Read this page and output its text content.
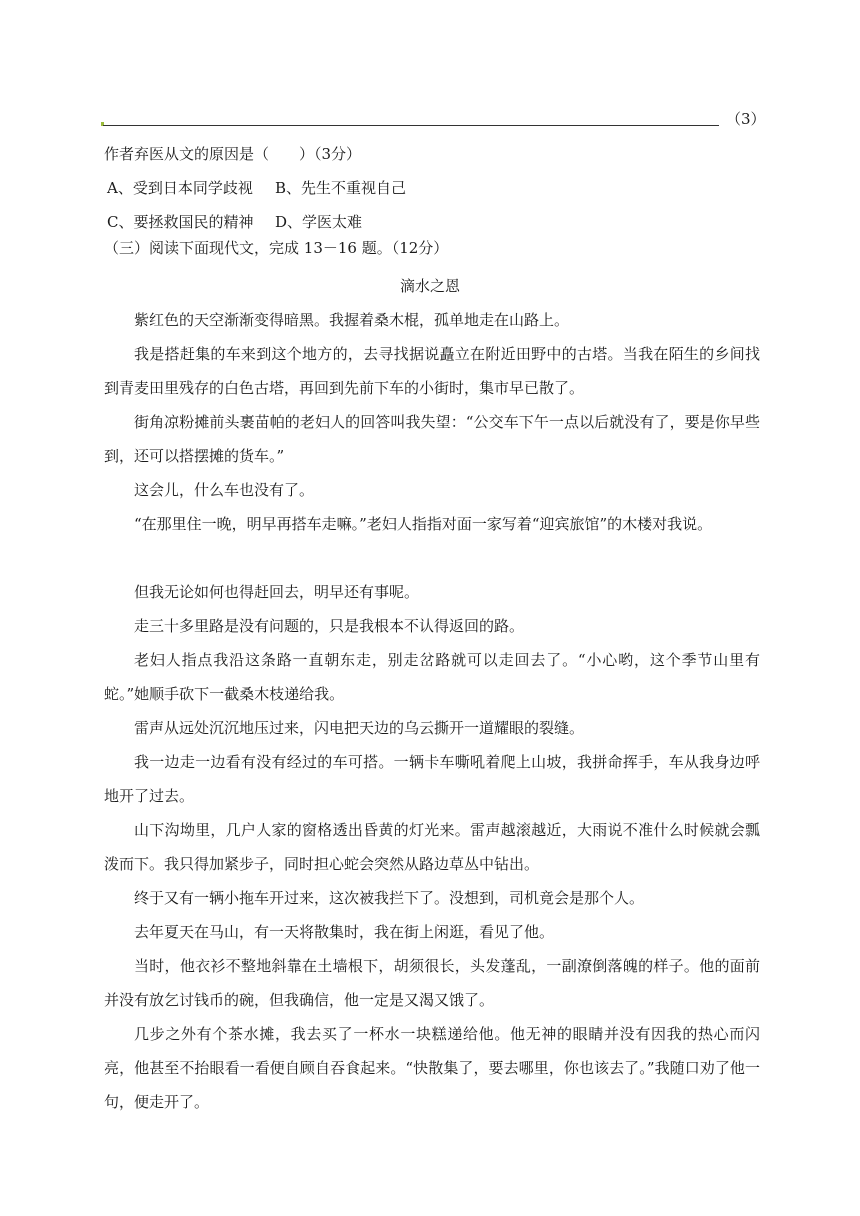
（3）
作者弃医从文的原因是（　　）（3分）
A、受到日本同学歧视 B、先生不重视自己
C、要拯救国民的精神 D、学医太难
（三）阅读下面现代文，完成 13－16 题。（12分）
滴水之恩
紫红色的天空渐渐变得暗黑。我握着桑木棍，孤单地走在山路上。
我是搭赶集的车来到这个地方的，去寻找据说矗立在附近田野中的古塔。当我在陌生的乡间找到青麦田里残存的白色古塔，再回到先前下车的小街时，集市早已散了。
街角凉粉摊前头裹苗帕的老妇人的回答叫我失望：“公交车下午一点以后就没有了，要是你早些到，还可以搭摆摊的货车。”
这会儿，什么车也没有了。
“在那里住一晚，明早再搭车走嘛。”老妇人指指对面一家写着“迎宾旅馆”的木楼对我说。
但我无论如何也得赶回去，明早还有事呢。
走三十多里路是没有问题的，只是我根本不认得返回的路。
老妇人指点我沿这条路一直朝东走，别走岔路就可以走回去了。“小心哟，这个季节山里有蛇。”她顺手砍下一截桑木枝递给我。
雷声从远处沉沉地压过来，闪电把天边的乌云撕开一道耀眼的裂缝。
我一边走一边看有没有经过的车可搭。一辆卡车嘶吼着爬上山坡，我拼命挥手，车从我身边呼地开了过去。
山下沟坳里，几户人家的窗格透出昏黄的灯光来。雷声越滚越近，大雨说不准什么时候就会瓢泼而下。我只得加紧步子，同时担心蛇会突然从路边草丛中钻出。
终于又有一辆小拖车开过来，这次被我拦下了。没想到，司机竟会是那个人。
去年夏天在马山，有一天将散集时，我在街上闲逛，看见了他。
当时，他衣衫不整地斜靠在土墙根下，胡须很长，头发蓬乱，一副潦倒落魄的样子。他的面前并没有放乞讨钱币的碗，但我确信，他一定是又渴又饿了。
几步之外有个茶水摊，我去买了一杯水一块糕递给他。他无神的眼睛并没有因我的热心而闪亮，他甚至不抬眼看一看便自顾自吞食起来。“快散集了，要去哪里，你也该去了。”我随口劝了他一句，便走开了。
